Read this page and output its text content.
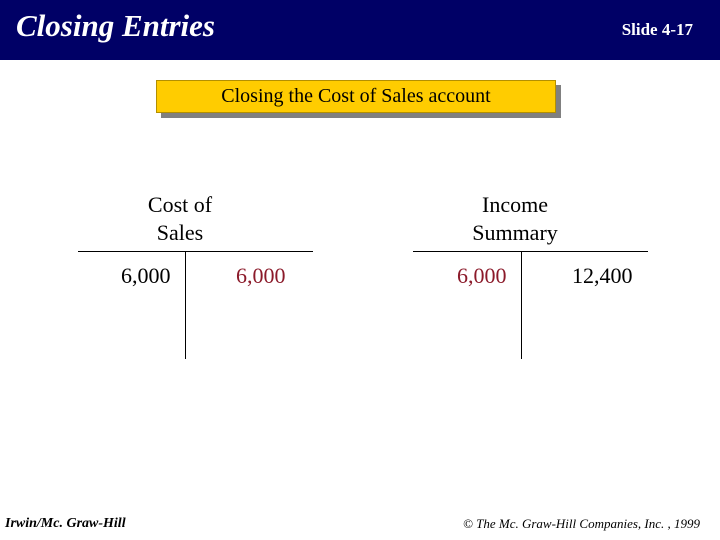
Closing Entries	Slide 4-17
Closing the Cost of Sales account
Cost of
Sales
6,000	6,000
Income
Summary
6,000	12,400
Irwin/Mc. Graw-Hill	© The Mc. Graw-Hill Companies, Inc. , 1999
